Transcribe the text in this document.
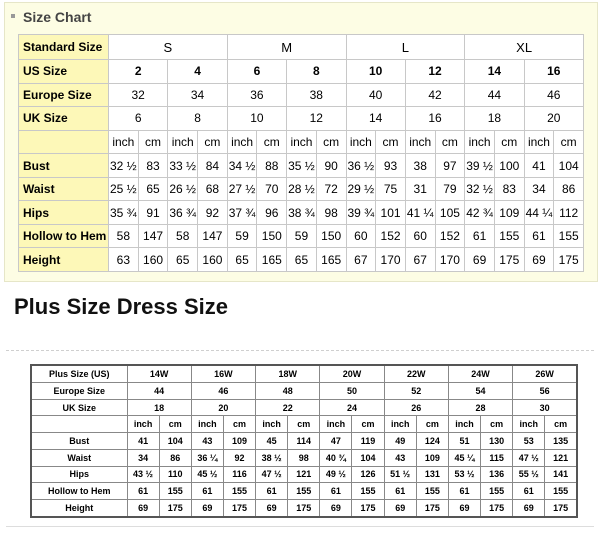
Size Chart
Standard Size	S				M				L				XL			
US Size	2		4		6		8		10		12		14		16	
Europe Size	32		34		36		38		40		42		44		46	
UK Size	6		8		10		12		14		16		18		20	
	inch	cm	inch	cm	inch	cm	inch	cm	inch	cm	inch	cm	inch	cm	inch	cm
Bust	32 ½	83	33 ½	84	34 ½	88	35 ½	90	36 ½	93	38	97	39 ½	100	41	104
Waist	25 ½	65	26 ½	68	27 ½	70	28 ½	72	29 ½	75	31	79	32 ½	83	34	86
Hips	35 ¾	91	36 ¾	92	37 ¾	96	38 ¾	98	39 ¾	101	41 ¼	105	42 ¾	109	44 ¼	112
Hollow to Hem	58	147	58	147	59	150	59	150	60	152	60	152	61	155	61	155
Height	63	160	65	160	65	165	65	165	67	170	67	170	69	175	69	175
Plus Size Dress Size
Plus Size (US)	14W		16W		18W		20W		22W		24W		26W	
Europe Size	44		46		48		50		52		54		56	
UK Size	18		20		22		24		26		28		30	
	inch	cm	inch	cm	inch	cm	inch	cm	inch	cm	inch	cm	inch	cm
Bust	41	104	43	109	45	114	47	119	49	124	51	130	53	135
Waist	34	86	36 ¼	92	38 ½	98	40 ¾	104	43	109	45 ¼	115	47 ½	121
Hips	43 ½	110	45 ½	116	47 ½	121	49 ½	126	51 ½	131	53 ½	136	55 ½	141
Hollow to Hem	61	155	61	155	61	155	61	155	61	155	61	155	61	155
Height	69	175	69	175	69	175	69	175	69	175	69	175	69	175
